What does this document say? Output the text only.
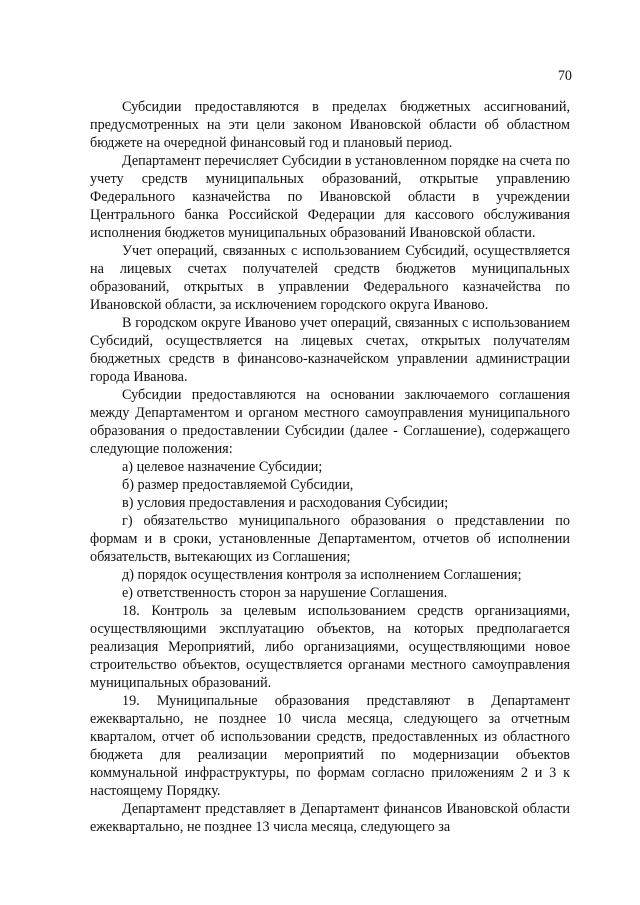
70

Субсидии предоставляются в пределах бюджетных ассигнований, предусмотренных на эти цели законом Ивановской области об областном бюджете на очередной финансовый год и плановый период.

Департамент перечисляет Субсидии в установленном порядке на счета по учету средств муниципальных образований, открытые управлению Федерального казначейства по Ивановской области в учреждении Центрального банка Российской Федерации для кассового обслуживания исполнения бюджетов муниципальных образований Ивановской области.

Учет операций, связанных с использованием Субсидий, осуществляется на лицевых счетах получателей средств бюджетов муниципальных образований, открытых в управлении Федерального казначейства по Ивановской области, за исключением городского округа Иваново.

В городском округе Иваново учет операций, связанных с использованием Субсидий, осуществляется на лицевых счетах, открытых получателям бюджетных средств в финансово-казначейском управлении администрации города Иванова.

Субсидии предоставляются на основании заключаемого соглашения между Департаментом и органом местного самоуправления муниципального образования о предоставлении Субсидии (далее - Соглашение), содержащего следующие положения:

а) целевое назначение Субсидии;

б) размер предоставляемой Субсидии,

в) условия предоставления и расходования Субсидии;

г) обязательство муниципального образования о представлении по формам и в сроки, установленные Департаментом, отчетов об исполнении обязательств, вытекающих из Соглашения;

д) порядок осуществления контроля за исполнением Соглашения;

е) ответственность сторон за нарушение Соглашения.

18. Контроль за целевым использованием средств организациями, осуществляющими эксплуатацию объектов, на которых предполагается реализация Мероприятий, либо организациями, осуществляющими новое строительство объектов, осуществляется органами местного самоуправления муниципальных образований.

19. Муниципальные образования представляют в Департамент ежеквартально, не позднее 10 числа месяца, следующего за отчетным кварталом, отчет об использовании средств, предоставленных из областного бюджета для реализации мероприятий по модернизации объектов коммунальной инфраструктуры, по формам согласно приложениям 2 и 3 к настоящему Порядку.

Департамент представляет в Департамент финансов Ивановской области ежеквартально, не позднее 13 числа месяца, следующего за
